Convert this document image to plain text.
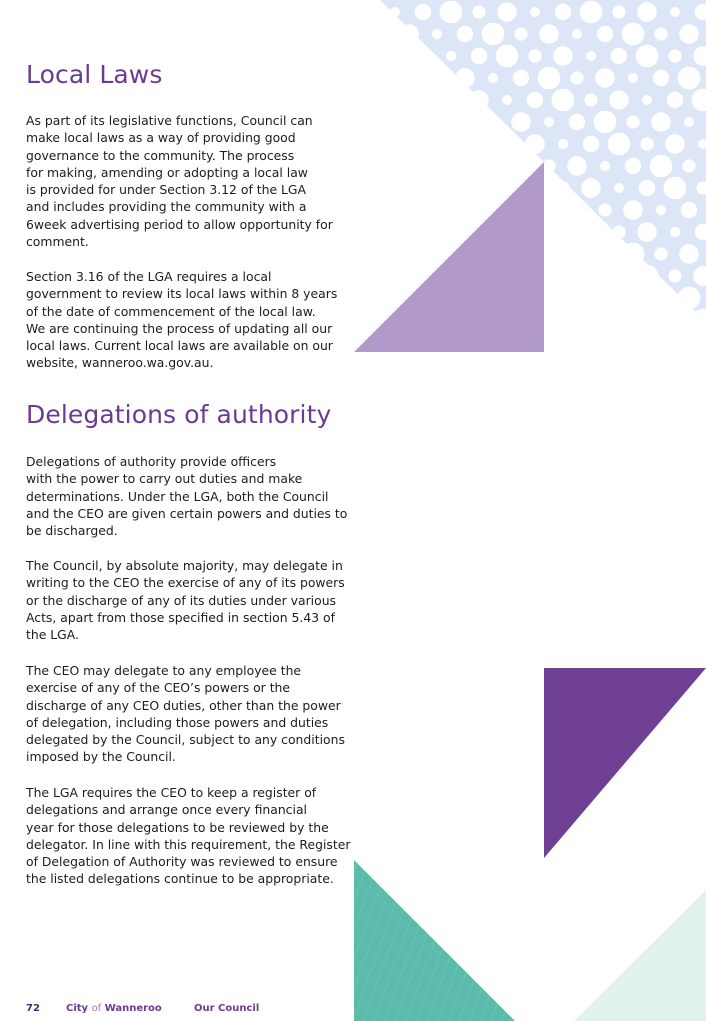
Local Laws

As part of its legislative functions, Council can
make local laws as a way of providing good
governance to the community. The process
for making, amending or adopting a local law
is provided for under Section 3.12 of the LGA
and includes providing the community with a
6week advertising period to allow opportunity for
comment.

Section 3.16 of the LGA requires a local
government to review its local laws within 8 years
of the date of commencement of the local law.
We are continuing the process of updating all our
local laws. Current local laws are available on our
website, wanneroo.wa.gov.au.

Delegations of authority

Delegations of authority provide officers
with the power to carry out duties and make
determinations. Under the LGA, both the Council
and the CEO are given certain powers and duties to
be discharged.

The Council, by absolute majority, may delegate in
writing to the CEO the exercise of any of its powers
or the discharge of any of its duties under various
Acts, apart from those specified in section 5.43 of
the LGA.

The CEO may delegate to any employee the
exercise of any of the CEO’s powers or the
discharge of any CEO duties, other than the power
of delegation, including those powers and duties
delegated by the Council, subject to any conditions
imposed by the Council.

The LGA requires the CEO to keep a register of
delegations and arrange once every financial
year for those delegations to be reviewed by the
delegator. In line with this requirement, the Register
of Delegation of Authority was reviewed to ensure
the listed delegations continue to be appropriate.

72	City of Wanneroo	Our Council
